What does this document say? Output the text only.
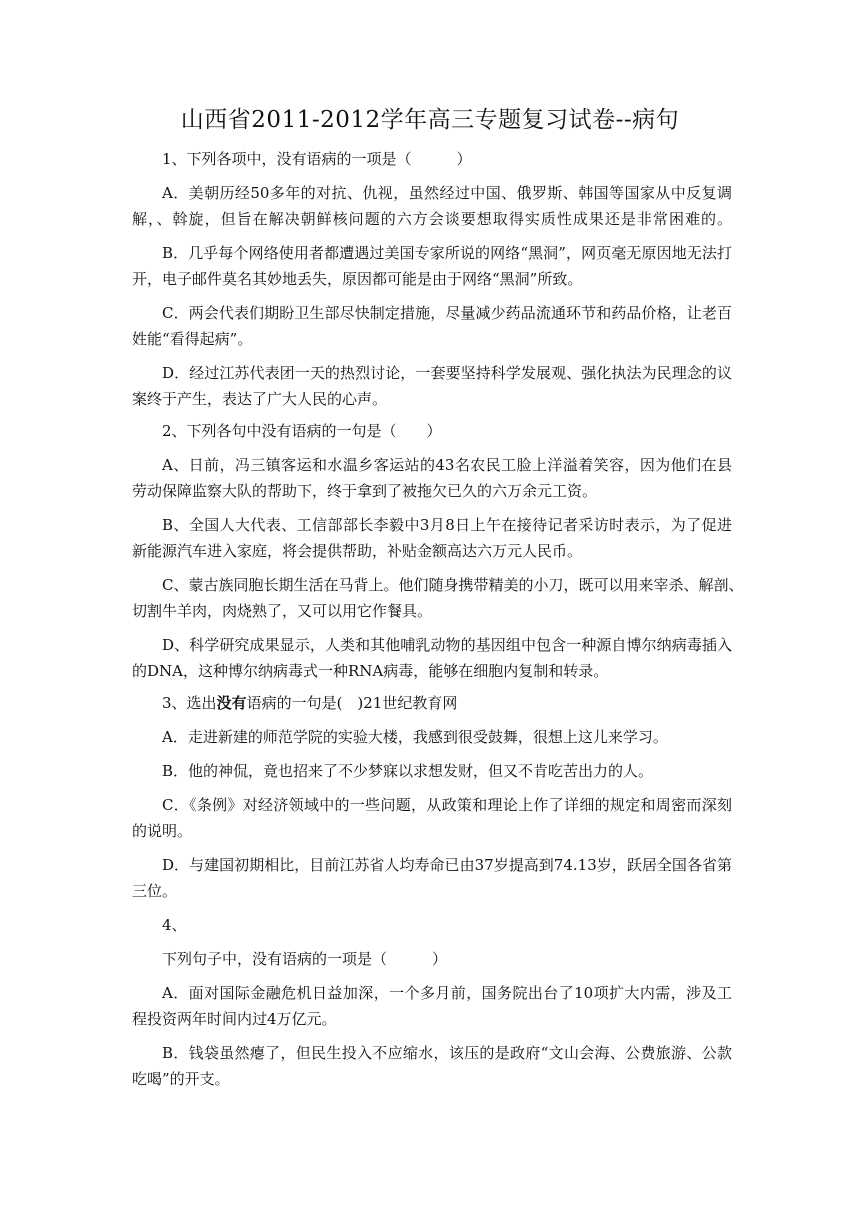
山西省2011-2012学年高三专题复习试卷--病句
1、下列各项中，没有语病的一项是（　　　）
A．美朝历经50多年的对抗、仇视，虽然经过中国、俄罗斯、韩国等国家从中反复调
解，、斡旋，但旨在解决朝鲜核问题的六方会谈要想取得实质性成果还是非常困难的。
B．几乎每个网络使用者都遭遇过美国专家所说的网络“黑洞”，网页毫无原因地无法打
开，电子邮件莫名其妙地丢失，原因都可能是由于网络“黑洞”所致。
C．两会代表们期盼卫生部尽快制定措施，尽量减少药品流通环节和药品价格，让老百
姓能“看得起病”。
D．经过江苏代表团一天的热烈讨论，一套要坚持科学发展观、强化执法为民理念的议
案终于产生，表达了广大人民的心声。
2、下列各句中没有语病的一句是（　　）
A、日前，冯三镇客运和水温乡客运站的43名农民工脸上洋溢着笑容，因为他们在县
劳动保障监察大队的帮助下，终于拿到了被拖欠已久的六万余元工资。
B、全国人大代表、工信部部长李毅中3月8日上午在接待记者采访时表示，为了促进
新能源汽车进入家庭，将会提供帮助，补贴金额高达六万元人民币。
C、蒙古族同胞长期生活在马背上。他们随身携带精美的小刀，既可以用来宰杀、解剖、
切割牛羊肉，肉烧熟了，又可以用它作餐具。
D、科学研究成果显示，人类和其他哺乳动物的基因组中包含一种源自博尔纳病毒插入
的DNA，这种博尔纳病毒式一种RNA病毒，能够在细胞内复制和转录。
3、选出没有语病的一句是(　)21世纪教育网
A．走进新建的师范学院的实验大楼，我感到很受鼓舞，很想上这儿来学习。
B．他的神侃，竟也招来了不少梦寐以求想发财，但又不肯吃苦出力的人。
C．《条例》对经济领域中的一些问题，从政策和理论上作了详细的规定和周密而深刻
的说明。
D．与建国初期相比，目前江苏省人均寿命已由37岁提高到74.13岁，跃居全国各省第
三位。
4、
下列句子中，没有语病的一项是（　　　）
A．面对国际金融危机日益加深，一个多月前，国务院出台了10项扩大内需，涉及工
程投资两年时间内过4万亿元。
B．钱袋虽然瘪了，但民生投入不应缩水，该压的是政府“文山会海、公费旅游、公款
吃喝”的开支。
